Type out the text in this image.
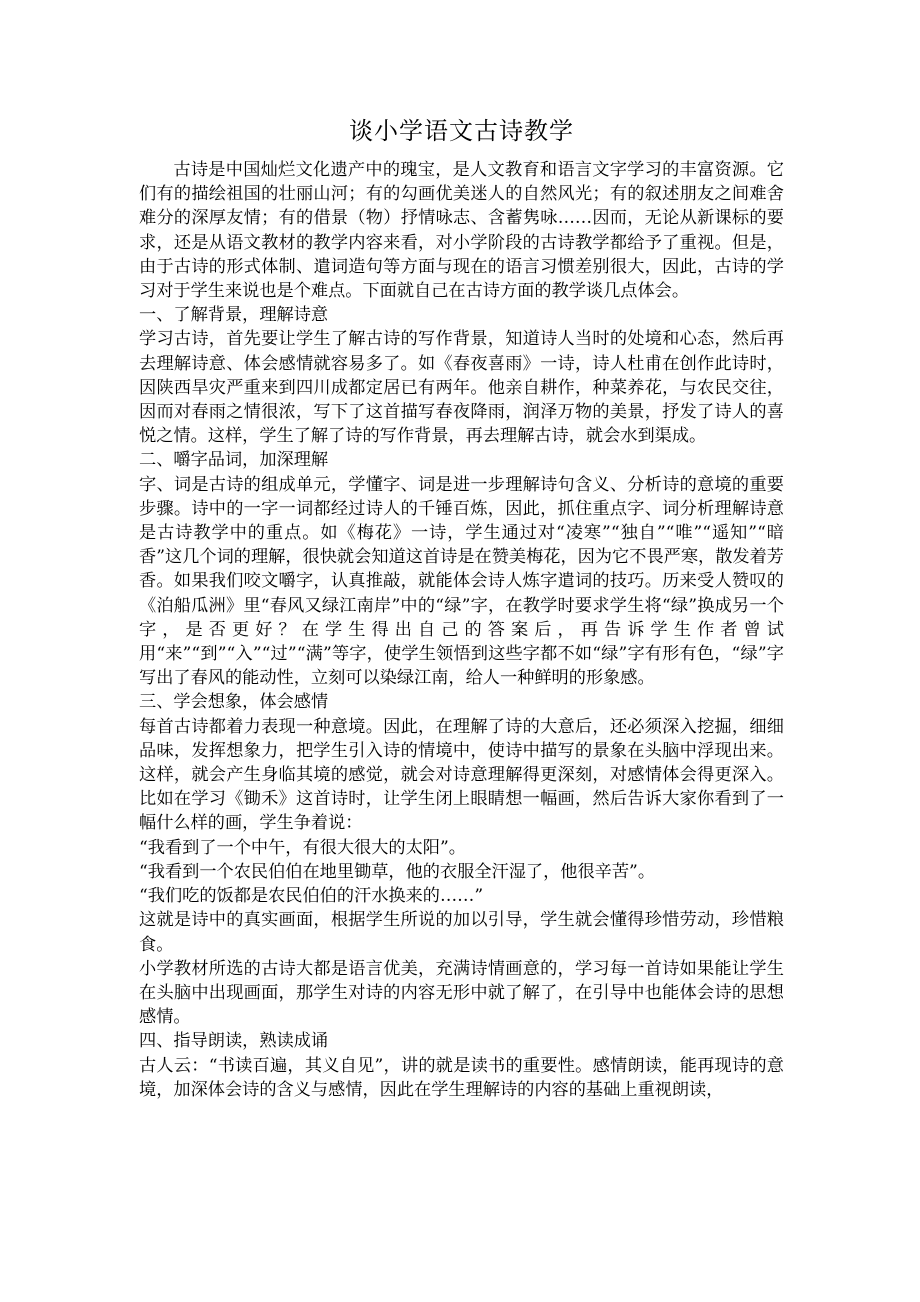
谈小学语文古诗教学

古诗是中国灿烂文化遗产中的瑰宝，是人文教育和语言文字学习的丰富资源。它们有的描绘祖国的壮丽山河；有的勾画优美迷人的自然风光；有的叙述朋友之间难舍难分的深厚友情；有的借景（物）抒情咏志、含蓄隽咏……因而，无论从新课标的要求，还是从语文教材的教学内容来看，对小学阶段的古诗教学都给予了重视。但是，由于古诗的形式体制、遣词造句等方面与现在的语言习惯差别很大，因此，古诗的学习对于学生来说也是个难点。下面就自己在古诗方面的教学谈几点体会。

一、了解背景，理解诗意

学习古诗，首先要让学生了解古诗的写作背景，知道诗人当时的处境和心态，然后再去理解诗意、体会感情就容易多了。如《春夜喜雨》一诗，诗人杜甫在创作此诗时，因陕西旱灾严重来到四川成都定居已有两年。他亲自耕作，种菜养花，与农民交往，因而对春雨之情很浓，写下了这首描写春夜降雨，润泽万物的美景，抒发了诗人的喜悦之情。这样，学生了解了诗的写作背景，再去理解古诗，就会水到渠成。

二、嚼字品词，加深理解

字、词是古诗的组成单元，学懂字、词是进一步理解诗句含义、分析诗的意境的重要步骤。诗中的一字一词都经过诗人的千锤百炼，因此，抓住重点字、词分析理解诗意是古诗教学中的重点。如《梅花》一诗，学生通过对“凌寒”“独自”“唯”“遥知”“暗香”这几个词的理解，很快就会知道这首诗是在赞美梅花，因为它不畏严寒，散发着芳香。如果我们咬文嚼字，认真推敲，就能体会诗人炼字遣词的技巧。历来受人赞叹的《泊船瓜洲》里“春风又绿江南岸”中的“绿”字，在教学时要求学生将“绿”换成另一个字，是否更好？在学生得出自己的答案后，再告诉学生作者曾试用“来”“到”“入”“过”“满”等字，使学生领悟到这些字都不如“绿”字有形有色，“绿”字写出了春风的能动性，立刻可以染绿江南，给人一种鲜明的形象感。

三、学会想象，体会感情

每首古诗都着力表现一种意境。因此，在理解了诗的大意后，还必须深入挖掘，细细品味，发挥想象力，把学生引入诗的情境中，使诗中描写的景象在头脑中浮现出来。这样，就会产生身临其境的感觉，就会对诗意理解得更深刻，对感情体会得更深入。比如在学习《锄禾》这首诗时，让学生闭上眼睛想一幅画，然后告诉大家你看到了一幅什么样的画，学生争着说：

“我看到了一个中午，有很大很大的太阳”。

“我看到一个农民伯伯在地里锄草，他的衣服全汗湿了，他很辛苦”。

“我们吃的饭都是农民伯伯的汗水换来的……”

这就是诗中的真实画面，根据学生所说的加以引导，学生就会懂得珍惜劳动，珍惜粮食。

小学教材所选的古诗大都是语言优美，充满诗情画意的，学习每一首诗如果能让学生在头脑中出现画面，那学生对诗的内容无形中就了解了，在引导中也能体会诗的思想感情。

四、指导朗读，熟读成诵

古人云：“书读百遍，其义自见”，讲的就是读书的重要性。感情朗读，能再现诗的意境，加深体会诗的含义与感情，因此在学生理解诗的内容的基础上重视朗读，
